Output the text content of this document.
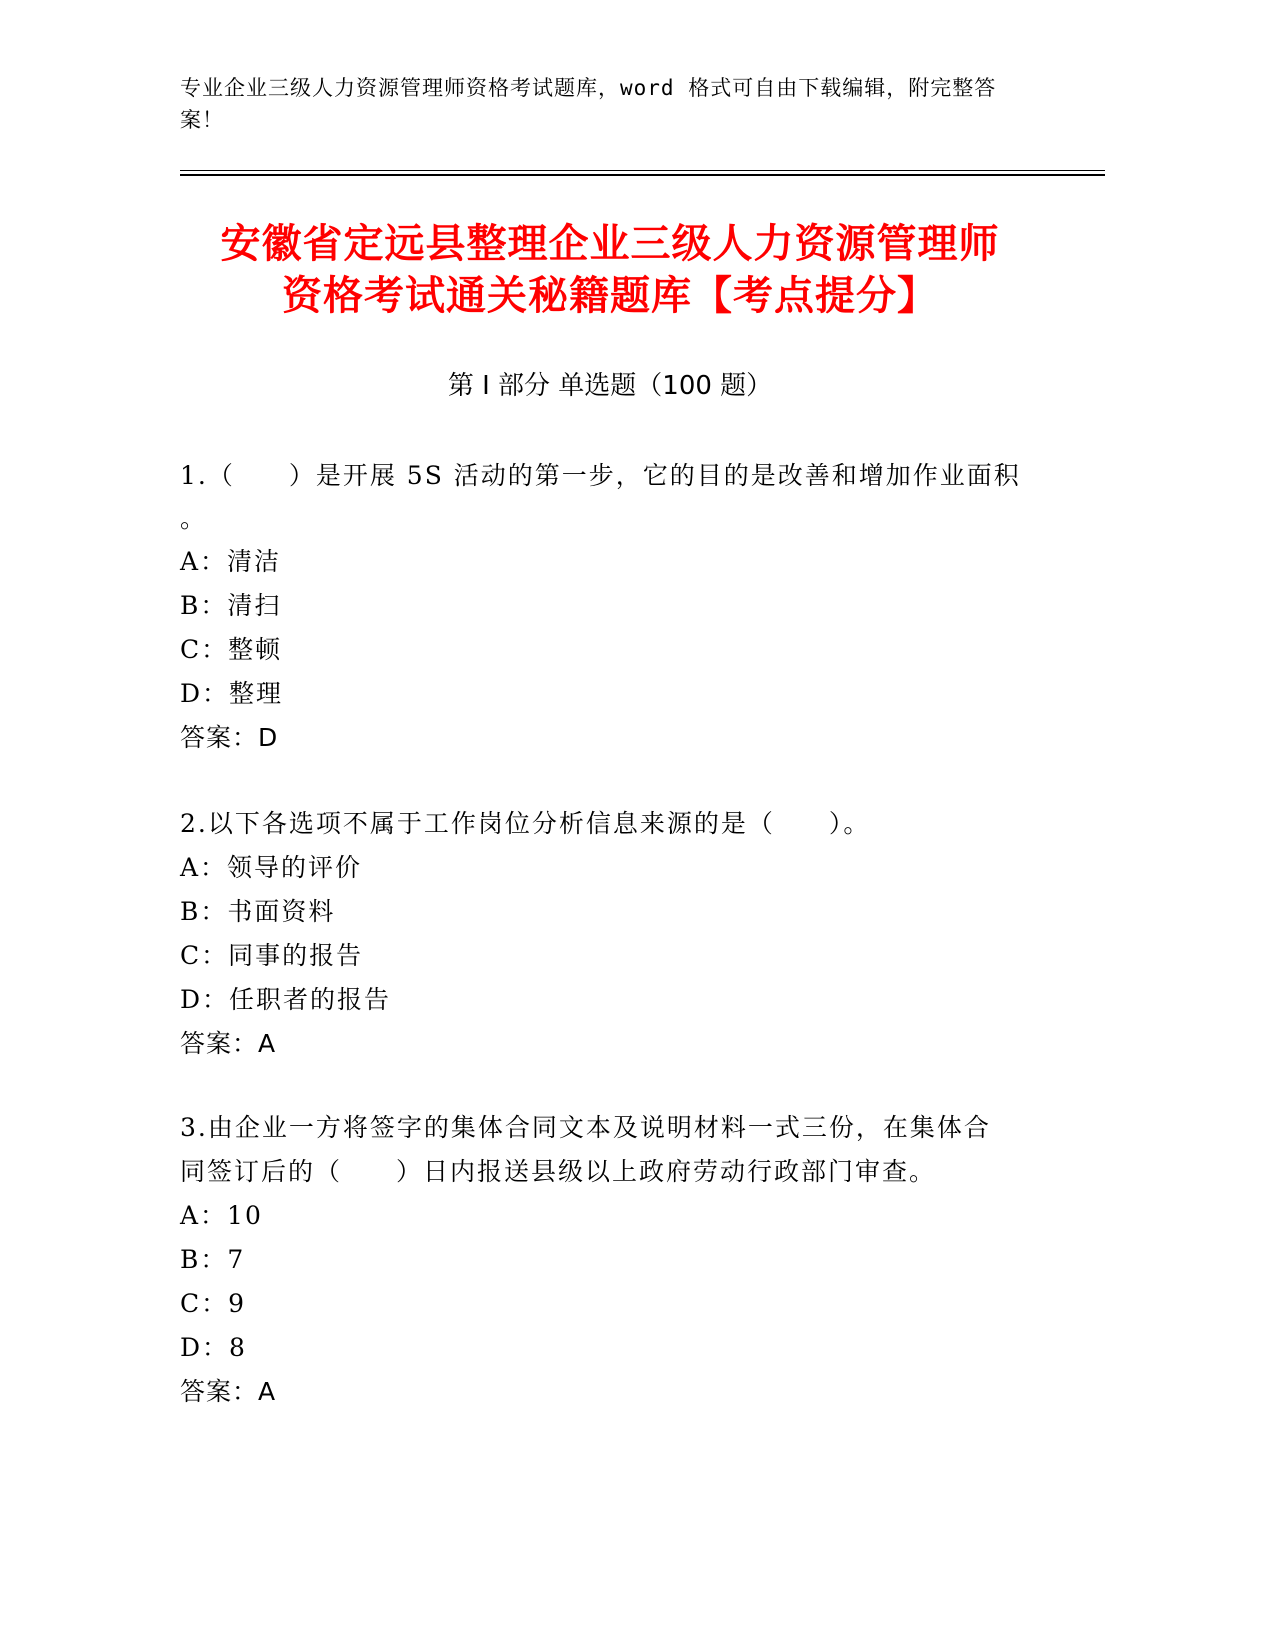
专业企业三级人力资源管理师资格考试题库，word 格式可自由下载编辑，附完整答案！
安徽省定远县整理企业三级人力资源管理师
资格考试通关秘籍题库【考点提分】
第 I 部分 单选题（100 题）
1.（　　）是开展 5S 活动的第一步，它的目的是改善和增加作业面积
。
A：清洁
B：清扫
C：整顿
D：整理
答案：D
2.以下各选项不属于工作岗位分析信息来源的是（　　）。
A：领导的评价
B：书面资料
C：同事的报告
D：任职者的报告
答案：A
3.由企业一方将签字的集体合同文本及说明材料一式三份，在集体合
同签订后的（　　）日内报送县级以上政府劳动行政部门审查。
A：10
B：7
C：9
D：8
答案：A
